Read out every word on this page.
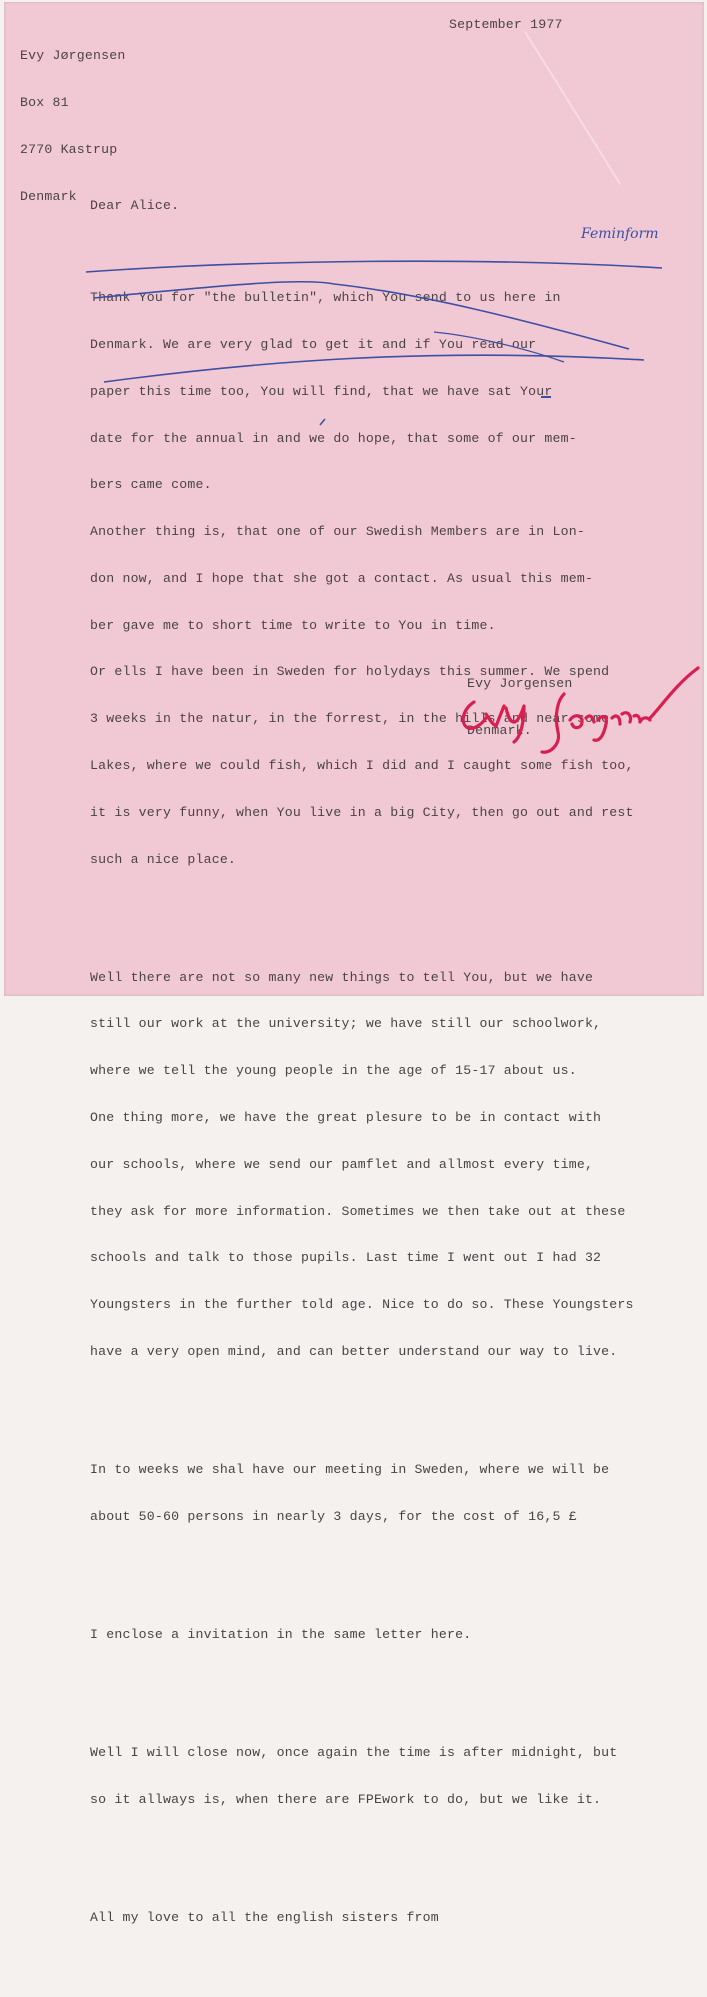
Evy Jørgensen

Box 81

2770 Kastrup

Denmark

September 1977

Dear Alice.

Thank You for "the bulletin", which You send to us here in

Denmark. We are very glad to get it and if You read our

paper this time too, You will find, that we have sat Your

date for the annual in and we do hope, that some of our mem-

bers came come.

Another thing is, that one of our Swedish Members are in Lon-

don now, and I hope that she got a contact. As usual this mem-

ber gave me to short time to write to You in time.

Or ells I have been in Sweden for holydays this summer. We spend

3 weeks in the natur, in the forrest, in the hills and near some

Lakes, where we could fish, which I did and I caught some fish too,

it is very funny, when You live in a big City, then go out and rest

such a nice place.

Well there are not so many new things to tell You, but we have

still our work at the university; we have still our schoolwork,

where we tell the young people in the age of 15-17 about us.

One thing more, we have the great plesure to be in contact with

our schools, where we send our pamflet and allmost every time,

they ask for more information. Sometimes we then take out at these

schools and talk to those pupils. Last time I went out I had 32

Youngsters in the further told age. Nice to do so. These Youngsters

have a very open mind, and can better understand our way to live.

In to weeks we shal have our meeting in Sweden, where we will be

about 50-60 persons in nearly 3 days, for the cost of 16,5 £

I enclose a invitation in the same letter here.

Well I will close now, once again the time is after midnight, but

so it allways is, when there are FPEwork to do, but we like it.

All my love to all the english sisters from

Feminform

Evy Jorgensen

Denmark.
